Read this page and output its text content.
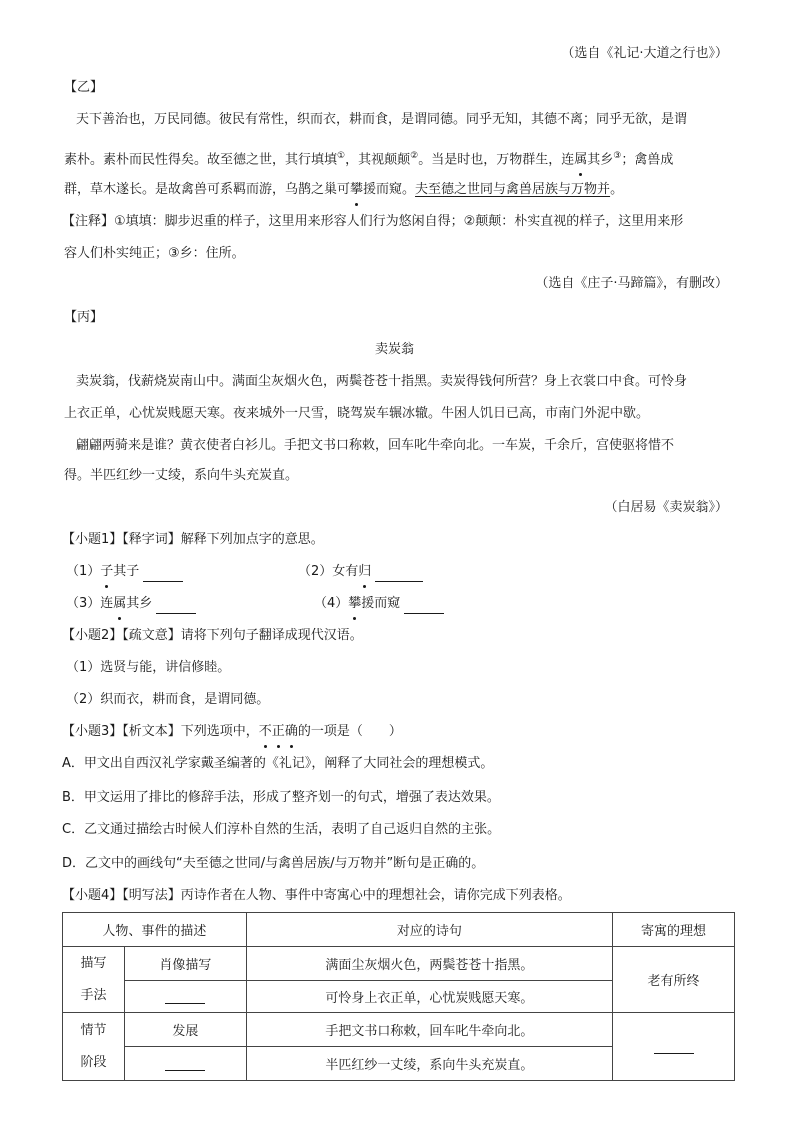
（选自《礼记·大道之行也》）
【乙】
天下善治也，万民同德。彼民有常性，织而衣，耕而食，是谓同德。同乎无知，其德不离；同乎无欲，是谓
素朴。素朴而民性得矣。故至德之世，其行填填①，其视颠颠②。当是时也，万物群生，连属其乡③；禽兽成
群，草木遂长。是故禽兽可系羁而游，乌鹊之巢可攀援而窥。夫至德之世同与禽兽居族与万物并。
【注释】①填填：脚步迟重的样子，这里用来形容人们行为悠闲自得；②颠颠：朴实直视的样子，这里用来形
容人们朴实纯正；③乡：住所。
（选自《庄子·马蹄篇》，有删改）
【丙】
卖炭翁
卖炭翁，伐薪烧炭南山中。满面尘灰烟火色，两鬓苍苍十指黑。卖炭得钱何所营？身上衣裳口中食。可怜身
上衣正单，心忧炭贱愿天寒。夜来城外一尺雪，晓驾炭车辗冰辙。牛困人饥日已高，市南门外泥中歇。
翩翩两骑来是谁？黄衣使者白衫儿。手把文书口称敕，回车叱牛牵向北。一车炭，千余斤，宫使驱将惜不
得。半匹红纱一丈绫，系向牛头充炭直。
（白居易《卖炭翁》）
【小题1】【释字词】解释下列加点字的意思。
（1）子其子	（2）女有归
（3）连属其乡	（4）攀援而窥
【小题2】【疏文意】请将下列句子翻译成现代汉语。
（1）选贤与能，讲信修睦。
（2）织而衣，耕而食，是谓同德。
【小题3】【析文本】下列选项中，不正确的一项是（　　）
A．甲文出自西汉礼学家戴圣编著的《礼记》，阐释了大同社会的理想模式。
B．甲文运用了排比的修辞手法，形成了整齐划一的句式，增强了表达效果。
C．乙文通过描绘古时候人们淳朴自然的生活，表明了自己返归自然的主张。
D．乙文中的画线句“夫至德之世同/与禽兽居族/与万物并”断句是正确的。
【小题4】【明写法】丙诗作者在人物、事件中寄寓心中的理想社会，请你完成下列表格。
人物、事件的描述		对应的诗句	寄寓的理想
描写
手法	肖像描写	满面尘灰烟火色，两鬓苍苍十指黑。	老有所终
		可怜身上衣正单，心忧炭贱愿天寒。	
情节
阶段	发展	手把文书口称敕，回车叱牛牵向北。	
		半匹红纱一丈绫，系向牛头充炭直。	
